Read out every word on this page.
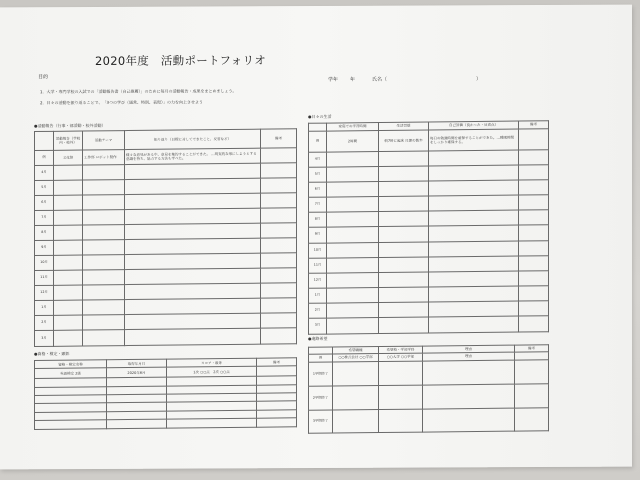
2020年度　活動ポートフォリオ
目的	学年 年	氏名（	）
1．大学・専門学校の入試での「活動報告書（自己推薦）」のために毎月の活動報告・成果をまとめましょう。
2．日々の活動を振り返ることで、「3つの学び（通常、特別、表現）」の力を向上させよう
●活動報告（行事・部活動・校外活動）
	活動報告（学校内・校外）	活動テーマ	振り返り（目標に対してできたこと、反省など）	備考
例	文化祭	工作部 ロボット製作	様々な意見がある中、意見を集約することができた。 …現実的な形にしようとする意識を持ち、協力する方法も学べた。	
4月				
5月				
6月				
7月				
8月				
9月				
10月				
11月				
12月				
1月				
2月				
3月				
●資格・検定・顕彰
資格・検定名称	取得年月日	スコア・級等	備考
英語検定 2級	2020年6月	1次 ○○点　2次 ○○点	

●日々の生活
	家庭での学習時間	生活習慣	自己評価（良かった・反省点）	備考
例	2時間	朝7時に起床 日課の散歩	毎日の勉強時間を確保することができた。…睡眠時間をしっかり確保する。	
4月				
5月				
6月				
7月				
8月				
9月				
10月				
11月				
12月				
1月				
2月				
3月				
●進路希望
	希望職種	希望校・学部学科	理由	備考
例	○○株式会社 ○○学部	○○大学 ○○学部	理由	
1学期終了				
2学期終了				
3学期終了				
